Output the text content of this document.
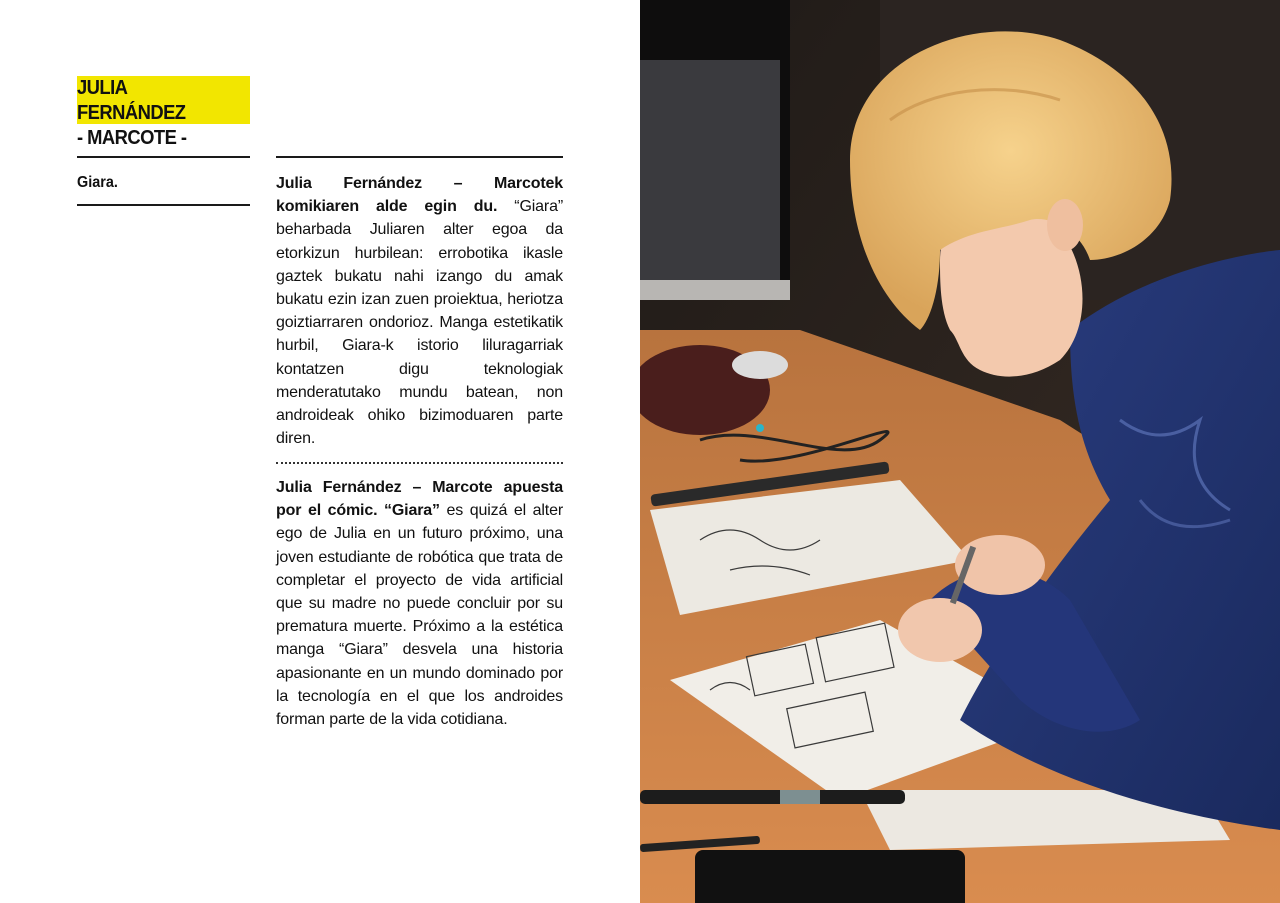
JULIA FERNÁNDEZ
- MARCOTE -
Giara.	Julia Fernández – Marcotek komikiaren alde egin du. “Giara” beharbada Juliaren alter egoa da etorkizun hurbilean: errobotika ikasle gaztek bukatu nahi izango du amak bukatu ezin izan zuen proiektua, heriotza goiztiarraren ondorioz. Manga estetikatik hurbil, Giara-k istorio liluragarriak kontatzen digu teknologiak menderatutako mundu batean, non androideak ohiko bizimoduaren parte diren.
Julia Fernández – Marcote apuesta por el cómic. “Giara” es quizá el alter ego de Julia en un futuro próximo, una joven estudiante de robótica que trata de completar el proyecto de vida artificial que su madre no puede concluir por su prematura muerte. Próximo a la estética manga “Giara” desvela una historia apasionante en un mundo dominado por la tecnología en el que los androides forman parte de la vida cotidiana.
